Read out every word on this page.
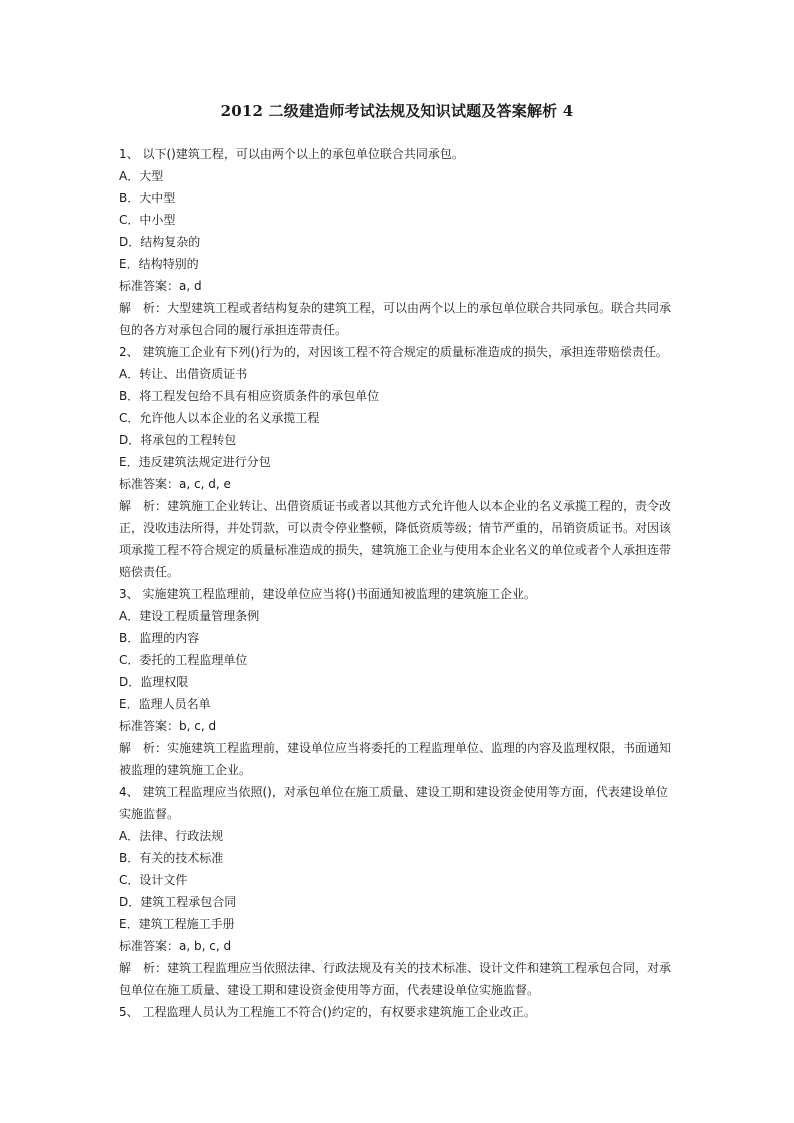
2012 二级建造师考试法规及知识试题及答案解析 4
1、 以下()建筑工程，可以由两个以上的承包单位联合共同承包。
A．大型
B．大中型
C．中小型
D．结构复杂的
E．结构特别的
标准答案：a, d
解　析：大型建筑工程或者结构复杂的建筑工程，可以由两个以上的承包单位联合共同承包。联合共同承包的各方对承包合同的履行承担连带责任。
2、 建筑施工企业有下列()行为的，对因该工程不符合规定的质量标准造成的损失，承担连带赔偿责任。
A．转让、出借资质证书
B．将工程发包给不具有相应资质条件的承包单位
C．允许他人以本企业的名义承揽工程
D．将承包的工程转包
E．违反建筑法规定进行分包
标准答案：a, c, d, e
解　析：建筑施工企业转让、出借资质证书或者以其他方式允许他人以本企业的名义承揽工程的，责令改正，没收违法所得，并处罚款，可以责令停业整顿，降低资质等级；情节严重的，吊销资质证书。对因该项承揽工程不符合规定的质量标准造成的损失，建筑施工企业与使用本企业名义的单位或者个人承担连带赔偿责任。
3、 实施建筑工程监理前，建设单位应当将()书面通知被监理的建筑施工企业。
A．建设工程质量管理条例
B．监理的内容
C．委托的工程监理单位
D．监理权限
E．监理人员名单
标准答案：b, c, d
解　析：实施建筑工程监理前，建设单位应当将委托的工程监理单位、监理的内容及监理权限，书面通知被监理的建筑施工企业。
4、 建筑工程监理应当依照()，对承包单位在施工质量、建设工期和建设资金使用等方面，代表建设单位实施监督。
A．法律、行政法规
B．有关的技术标准
C．设计文件
D．建筑工程承包合同
E．建筑工程施工手册
标准答案：a, b, c, d
解　析：建筑工程监理应当依照法律、行政法规及有关的技术标准、设计文件和建筑工程承包合同，对承包单位在施工质量、建设工期和建设资金使用等方面，代表建设单位实施监督。
5、 工程监理人员认为工程施工不符合()约定的，有权要求建筑施工企业改正。
